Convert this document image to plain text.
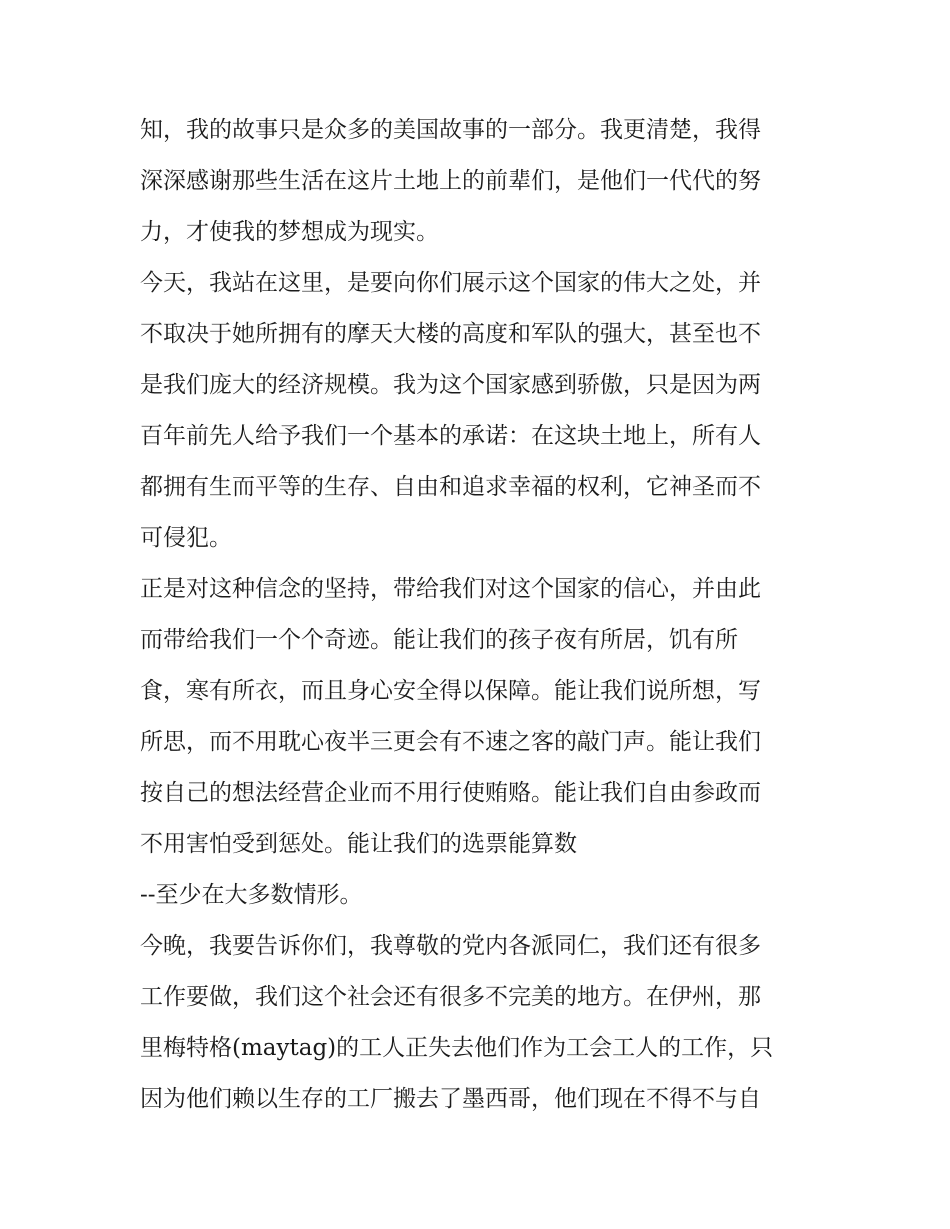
知，我的故事只是众多的美国故事的一部分。我更清楚，我得
深深感谢那些生活在这片土地上的前辈们，是他们一代代的努
力，才使我的梦想成为现实。
今天，我站在这里，是要向你们展示这个国家的伟大之处，并
不取决于她所拥有的摩天大楼的高度和军队的强大，甚至也不
是我们庞大的经济规模。我为这个国家感到骄傲，只是因为两
百年前先人给予我们一个基本的承诺：在这块土地上，所有人
都拥有生而平等的生存、自由和追求幸福的权利，它神圣而不
可侵犯。
正是对这种信念的坚持，带给我们对这个国家的信心，并由此
而带给我们一个个奇迹。能让我们的孩子夜有所居，饥有所
食，寒有所衣，而且身心安全得以保障。能让我们说所想，写
所思，而不用耽心夜半三更会有不速之客的敲门声。能让我们
按自己的想法经营企业而不用行使贿赂。能让我们自由参政而
不用害怕受到惩处。能让我们的选票能算数
--至少在大多数情形。
今晚，我要告诉你们，我尊敬的党内各派同仁，我们还有很多
工作要做，我们这个社会还有很多不完美的地方。在伊州，那
里梅特格(maytag)的工人正失去他们作为工会工人的工作，只
因为他们赖以生存的工厂搬去了墨西哥，他们现在不得不与自
